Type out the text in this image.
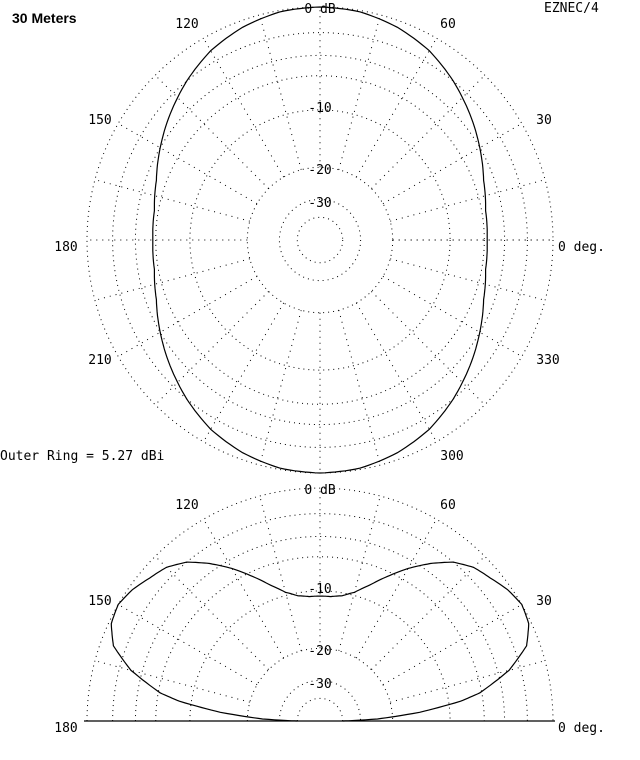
0 dB
-10
-20
-30
0 deg.
30
60
120
150
180
210
300
330
0 dB
-10
-20
-30
0 deg.
30
60
120
150
180
30 Meters
EZNEC/4
Outer Ring = 5.27 dBi
